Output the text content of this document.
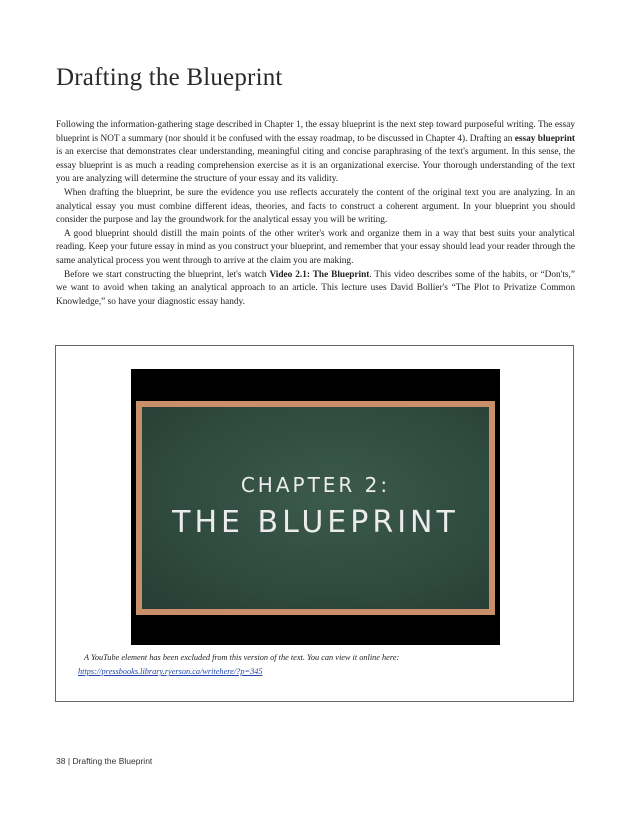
Drafting the Blueprint

Following the information-gathering stage described in Chapter 1, the essay blueprint is the next step toward purposeful writing. The essay blueprint is NOT a summary (nor should it be confused with the essay roadmap, to be discussed in Chapter 4). Drafting an essay blueprint is an exercise that demonstrates clear understanding, meaningful citing and concise paraphrasing of the text's argument. In this sense, the essay blueprint is as much a reading comprehension exercise as it is an organizational exercise. Your thorough understanding of the text you are analyzing will determine the structure of your essay and its validity.

When drafting the blueprint, be sure the evidence you use reflects accurately the content of the original text you are analyzing. In an analytical essay you must combine different ideas, theories, and facts to construct a coherent argument. In your blueprint you should consider the purpose and lay the groundwork for the analytical essay you will be writing.

A good blueprint should distill the main points of the other writer's work and organize them in a way that best suits your analytical reading. Keep your future essay in mind as you construct your blueprint, and remember that your essay should lead your reader through the same analytical process you went through to arrive at the claim you are making.

Before we start constructing the blueprint, let's watch Video 2.1: The Blueprint. This video describes some of the habits, or “Don'ts,” we want to avoid when taking an analytical approach to an article. This lecture uses David Bollier's “The Plot to Privatize Common Knowledge,” so have your diagnostic essay handy.

CHAPTER 2:
THE BLUEPRINT
A YouTube element has been excluded from this version of the text. You can view it online here:
https://pressbooks.library.ryerson.ca/writehere/?p=345
38 | Drafting the Blueprint
